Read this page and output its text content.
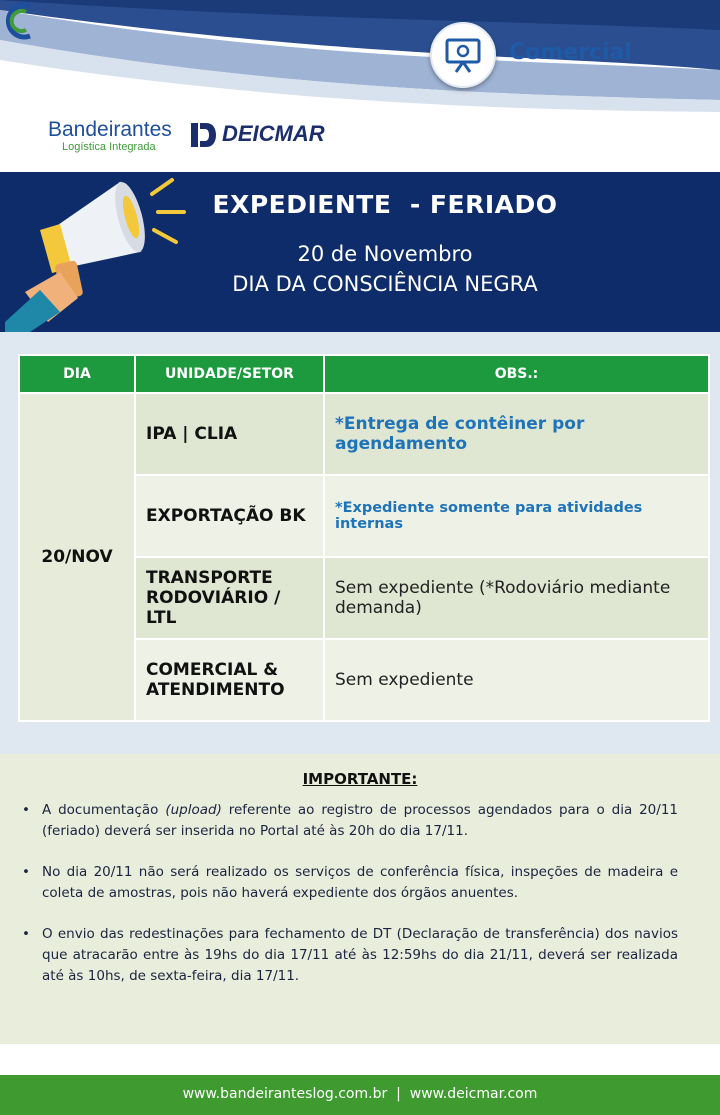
Comercial
Bandeirantes
Logística Integrada
DEICMAR
EXPEDIENTE  - FERIADO
20 de Novembro
DIA DA CONSCIÊNCIA NEGRA
DIA	UNIDADE/SETOR	OBS.:
20/NOV	IPA | CLIA	*Entrega de contêiner por agendamento
	EXPORTAÇÃO BK	*Expediente somente para atividades internas
	TRANSPORTE RODOVIÁRIO / LTL	Sem expediente (*Rodoviário mediante demanda)
	COMERCIAL & ATENDIMENTO	Sem expediente
IMPORTANTE:
• A documentação (upload) referente ao registro de processos agendados para o dia 20/11 (feriado) deverá ser inserida no Portal até às 20h do dia 17/11.
• No dia 20/11 não será realizado os serviços de conferência física, inspeções de madeira e coleta de amostras, pois não haverá expediente dos órgãos anuentes.
• O envio das redestinações para fechamento de DT (Declaração de transferência) dos navios que atracarão entre às 19hs do dia 17/11 até às 12:59hs do dia 21/11, deverá ser realizada até às 10hs, de sexta-feira, dia 17/11.
www.bandeiranteslog.com.br  |  www.deicmar.com
